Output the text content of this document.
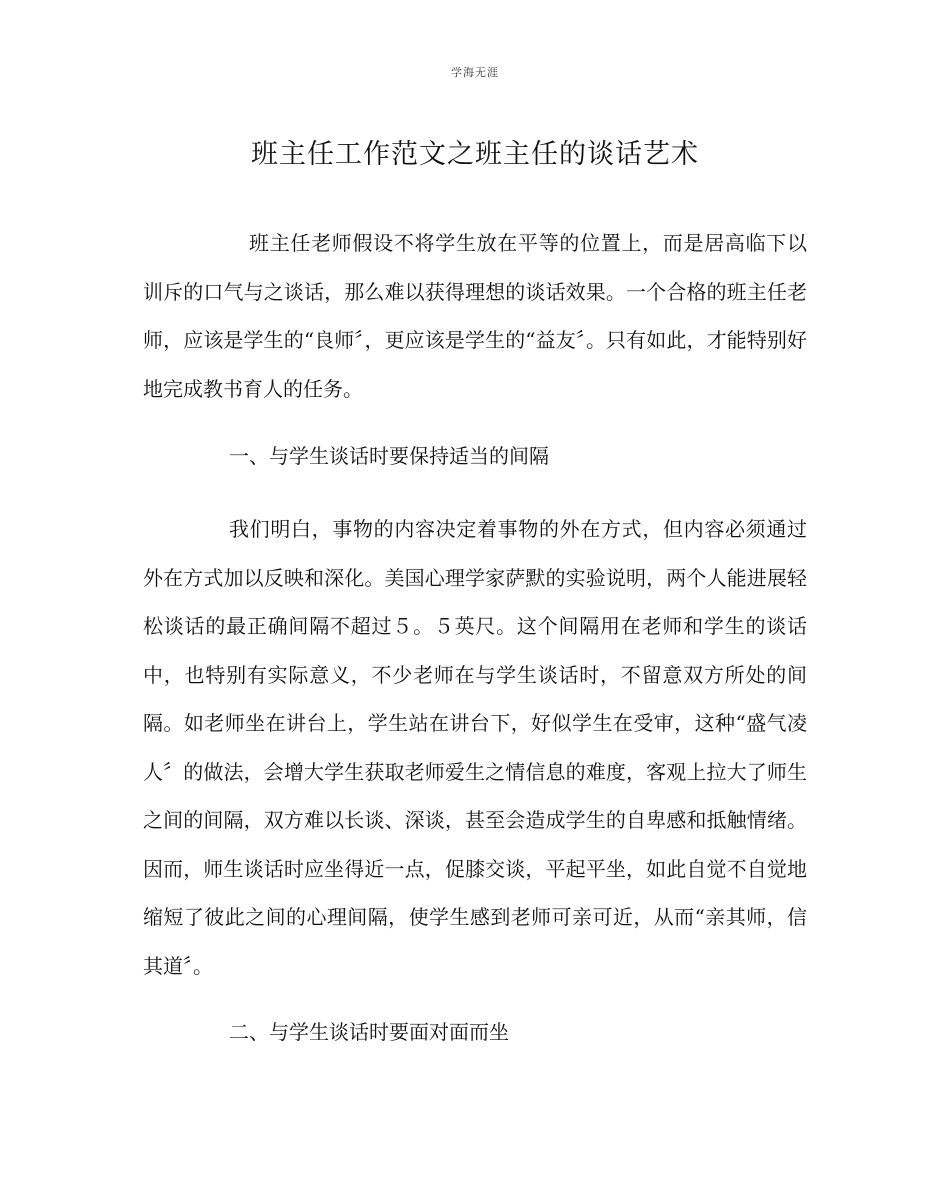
学海无涯
班主任工作范文之班主任的谈话艺术

班主任老师假设不将学生放在平等的位置上，而是居高临下以训斥的口气与之谈话，那么难以获得理想的谈话效果。一个合格的班主任老师，应该是学生的“良师〞，更应该是学生的“益友〞。只有如此，才能特别好地完成教书育人的任务。

一、与学生谈话时要保持适当的间隔

我们明白，事物的内容决定着事物的外在方式，但内容必须通过外在方式加以反映和深化。美国心理学家萨默的实验说明，两个人能进展轻松谈话的最正确间隔不超过５。５英尺。这个间隔用在老师和学生的谈话中，也特别有实际意义，不少老师在与学生谈话时，不留意双方所处的间隔。如老师坐在讲台上，学生站在讲台下，好似学生在受审，这种“盛气凌人〞的做法，会增大学生获取老师爱生之情信息的难度，客观上拉大了师生之间的间隔，双方难以长谈、深谈，甚至会造成学生的自卑感和抵触情绪。因而，师生谈话时应坐得近一点，促膝交谈，平起平坐，如此自觉不自觉地缩短了彼此之间的心理间隔，使学生感到老师可亲可近，从而“亲其师，信其道〞。

二、与学生谈话时要面对面而坐
